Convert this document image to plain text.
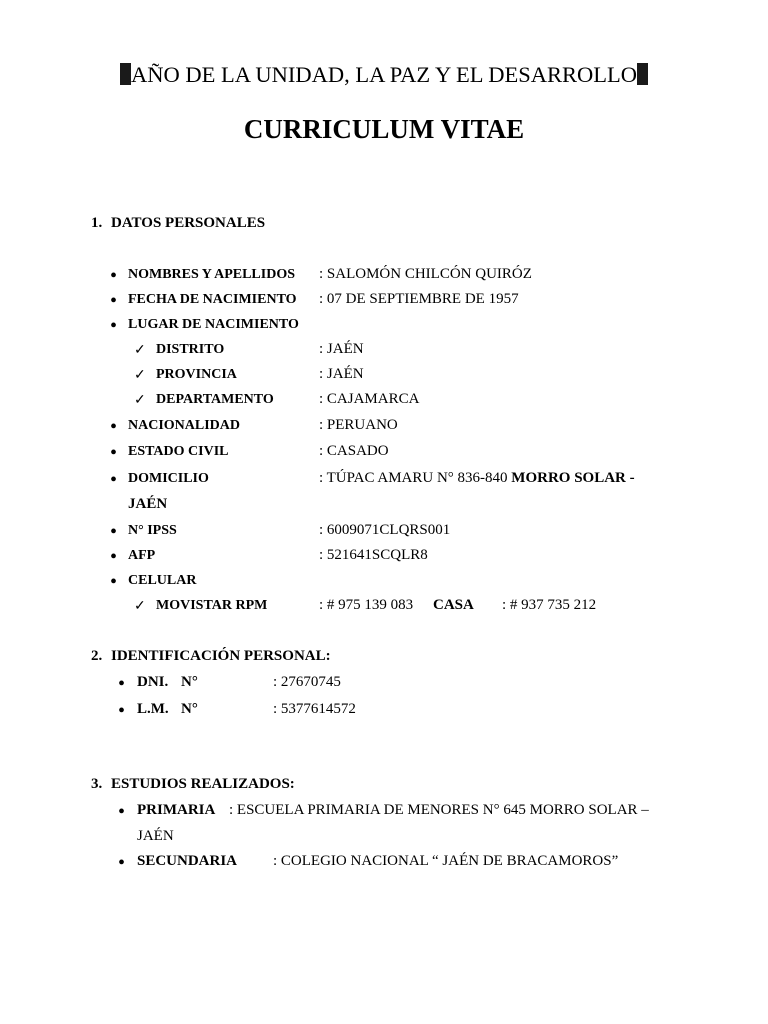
AÑO DE LA UNIDAD, LA PAZ Y EL DESARROLLO
CURRICULUM VITAE
1. DATOS PERSONALES
• NOMBRES Y APELLIDOS : SALOMÓN CHILCÓN QUIRÓZ
• FECHA DE NACIMIENTO : 07 DE SEPTIEMBRE DE 1957
• LUGAR DE NACIMIENTO
✓ DISTRITO	: JAÉN
✓ PROVINCIA	: JAÉN
✓ DEPARTAMENTO	: CAJAMARCA
• NACIONALIDAD	: PERUANO
• ESTADO CIVIL	: CASADO
• DOMICILIO	: TÚPAC AMARU N° 836-840 MORRO SOLAR -
JAÉN
• N° IPSS	: 6009071CLQRS001
• AFP	: 521641SCQLR8
• CELULAR
✓ MOVISTAR RPM	: # 975 139 083 CASA : # 937 735 212
2. IDENTIFICACIÓN PERSONAL:
• DNI. N°	: 27670745
• L.M. N°	: 5377614572
3. ESTUDIOS REALIZADOS:
• PRIMARIA : ESCUELA PRIMARIA DE MENORES N° 645 MORRO SOLAR –
JAÉN
• SECUNDARIA : COLEGIO NACIONAL “ JAÉN DE BRACAMOROS”
